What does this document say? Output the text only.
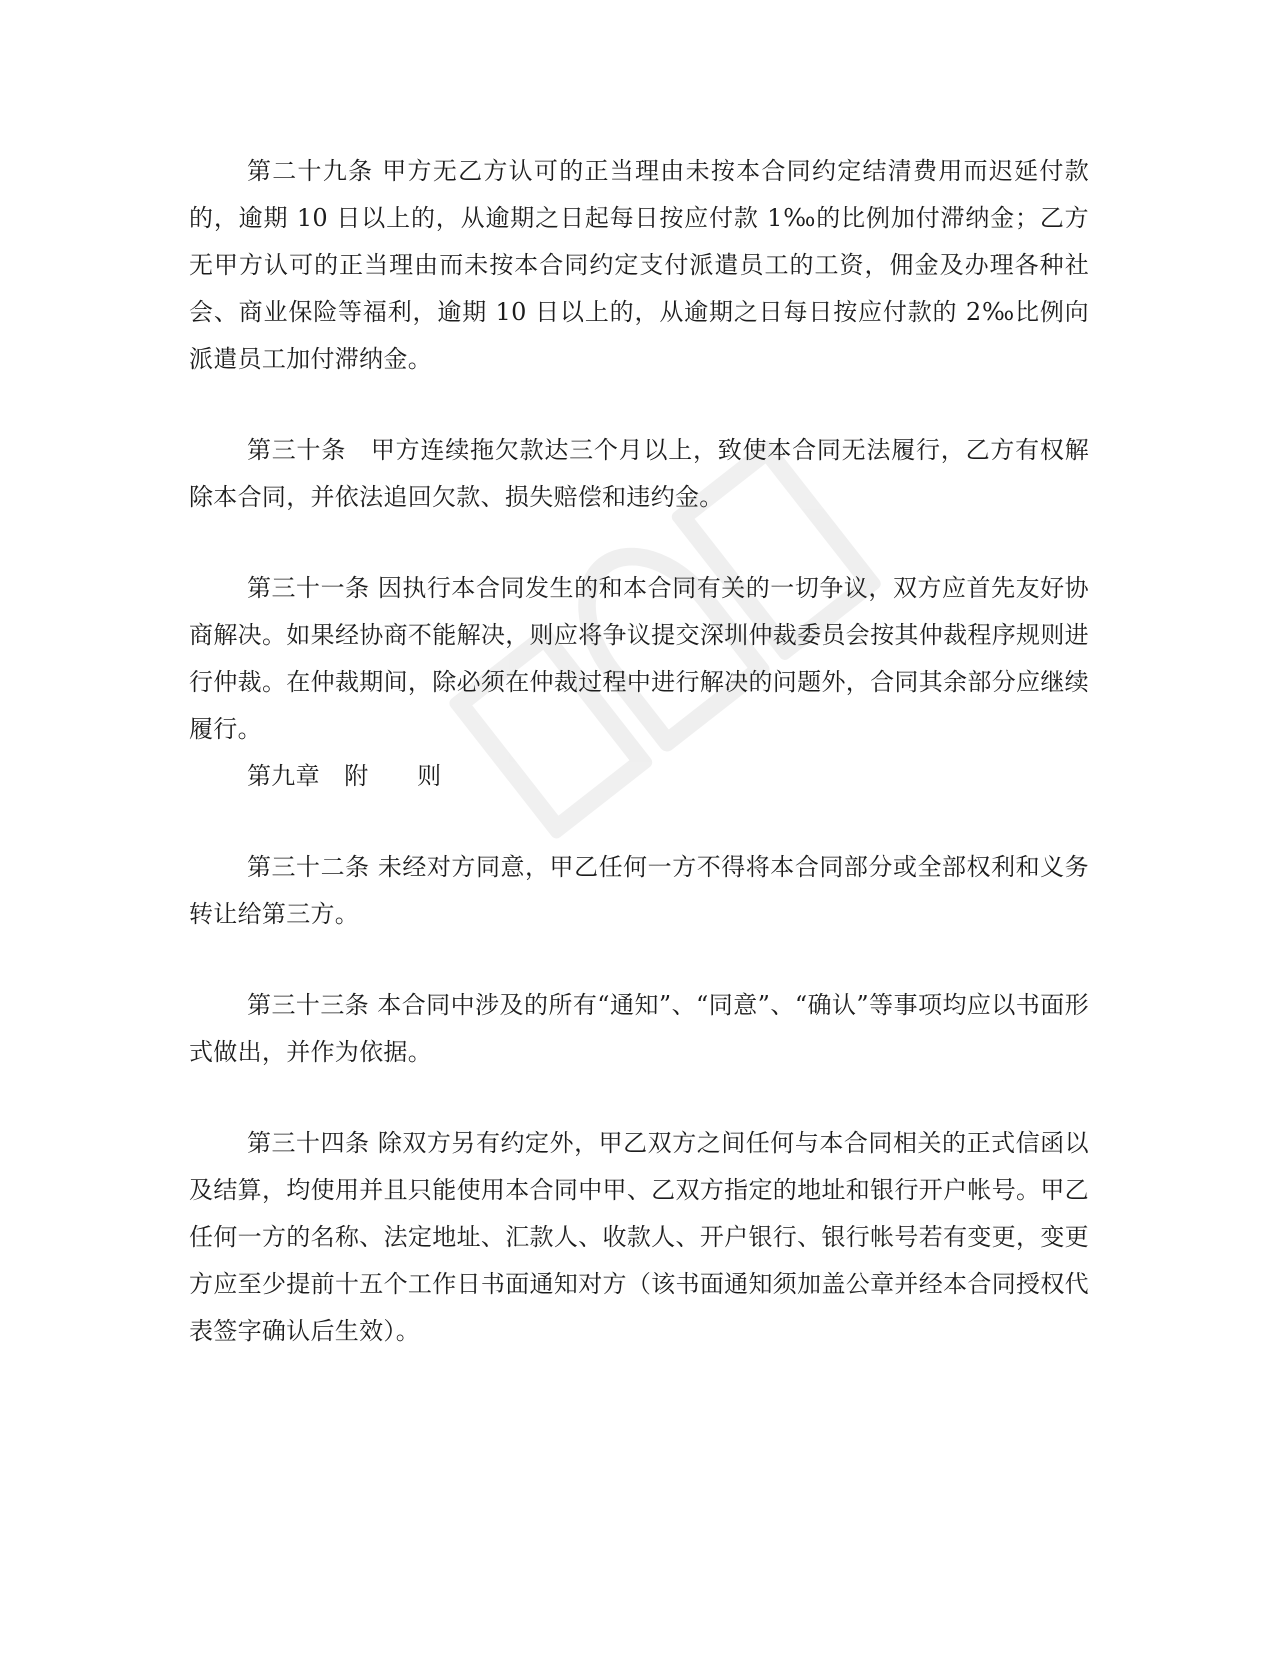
第二十九条 甲方无乙方认可的正当理由未按本合同约定结清费用而迟延付款的，逾期 10 日以上的，从逾期之日起每日按应付款 1‰的比例加付滞纳金；乙方无甲方认可的正当理由而未按本合同约定支付派遣员工的工资，佣金及办理各种社会、商业保险等福利，逾期 10 日以上的，从逾期之日每日按应付款的 2‰比例向派遣员工加付滞纳金。

第三十条　甲方连续拖欠款达三个月以上，致使本合同无法履行，乙方有权解除本合同，并依法追回欠款、损失赔偿和违约金。

第三十一条 因执行本合同发生的和本合同有关的一切争议，双方应首先友好协商解决。如果经协商不能解决，则应将争议提交深圳仲裁委员会按其仲裁程序规则进行仲裁。在仲裁期间，除必须在仲裁过程中进行解决的问题外，合同其余部分应继续履行。

第九章　附　　则

第三十二条 未经对方同意，甲乙任何一方不得将本合同部分或全部权利和义务转让给第三方。

第三十三条 本合同中涉及的所有“通知”、“同意”、“确认”等事项均应以书面形式做出，并作为依据。

第三十四条 除双方另有约定外，甲乙双方之间任何与本合同相关的正式信函以及结算，均使用并且只能使用本合同中甲、乙双方指定的地址和银行开户帐号。甲乙任何一方的名称、法定地址、汇款人、收款人、开户银行、银行帐号若有变更，变更方应至少提前十五个工作日书面通知对方（该书面通知须加盖公章并经本合同授权代表签字确认后生效）。
